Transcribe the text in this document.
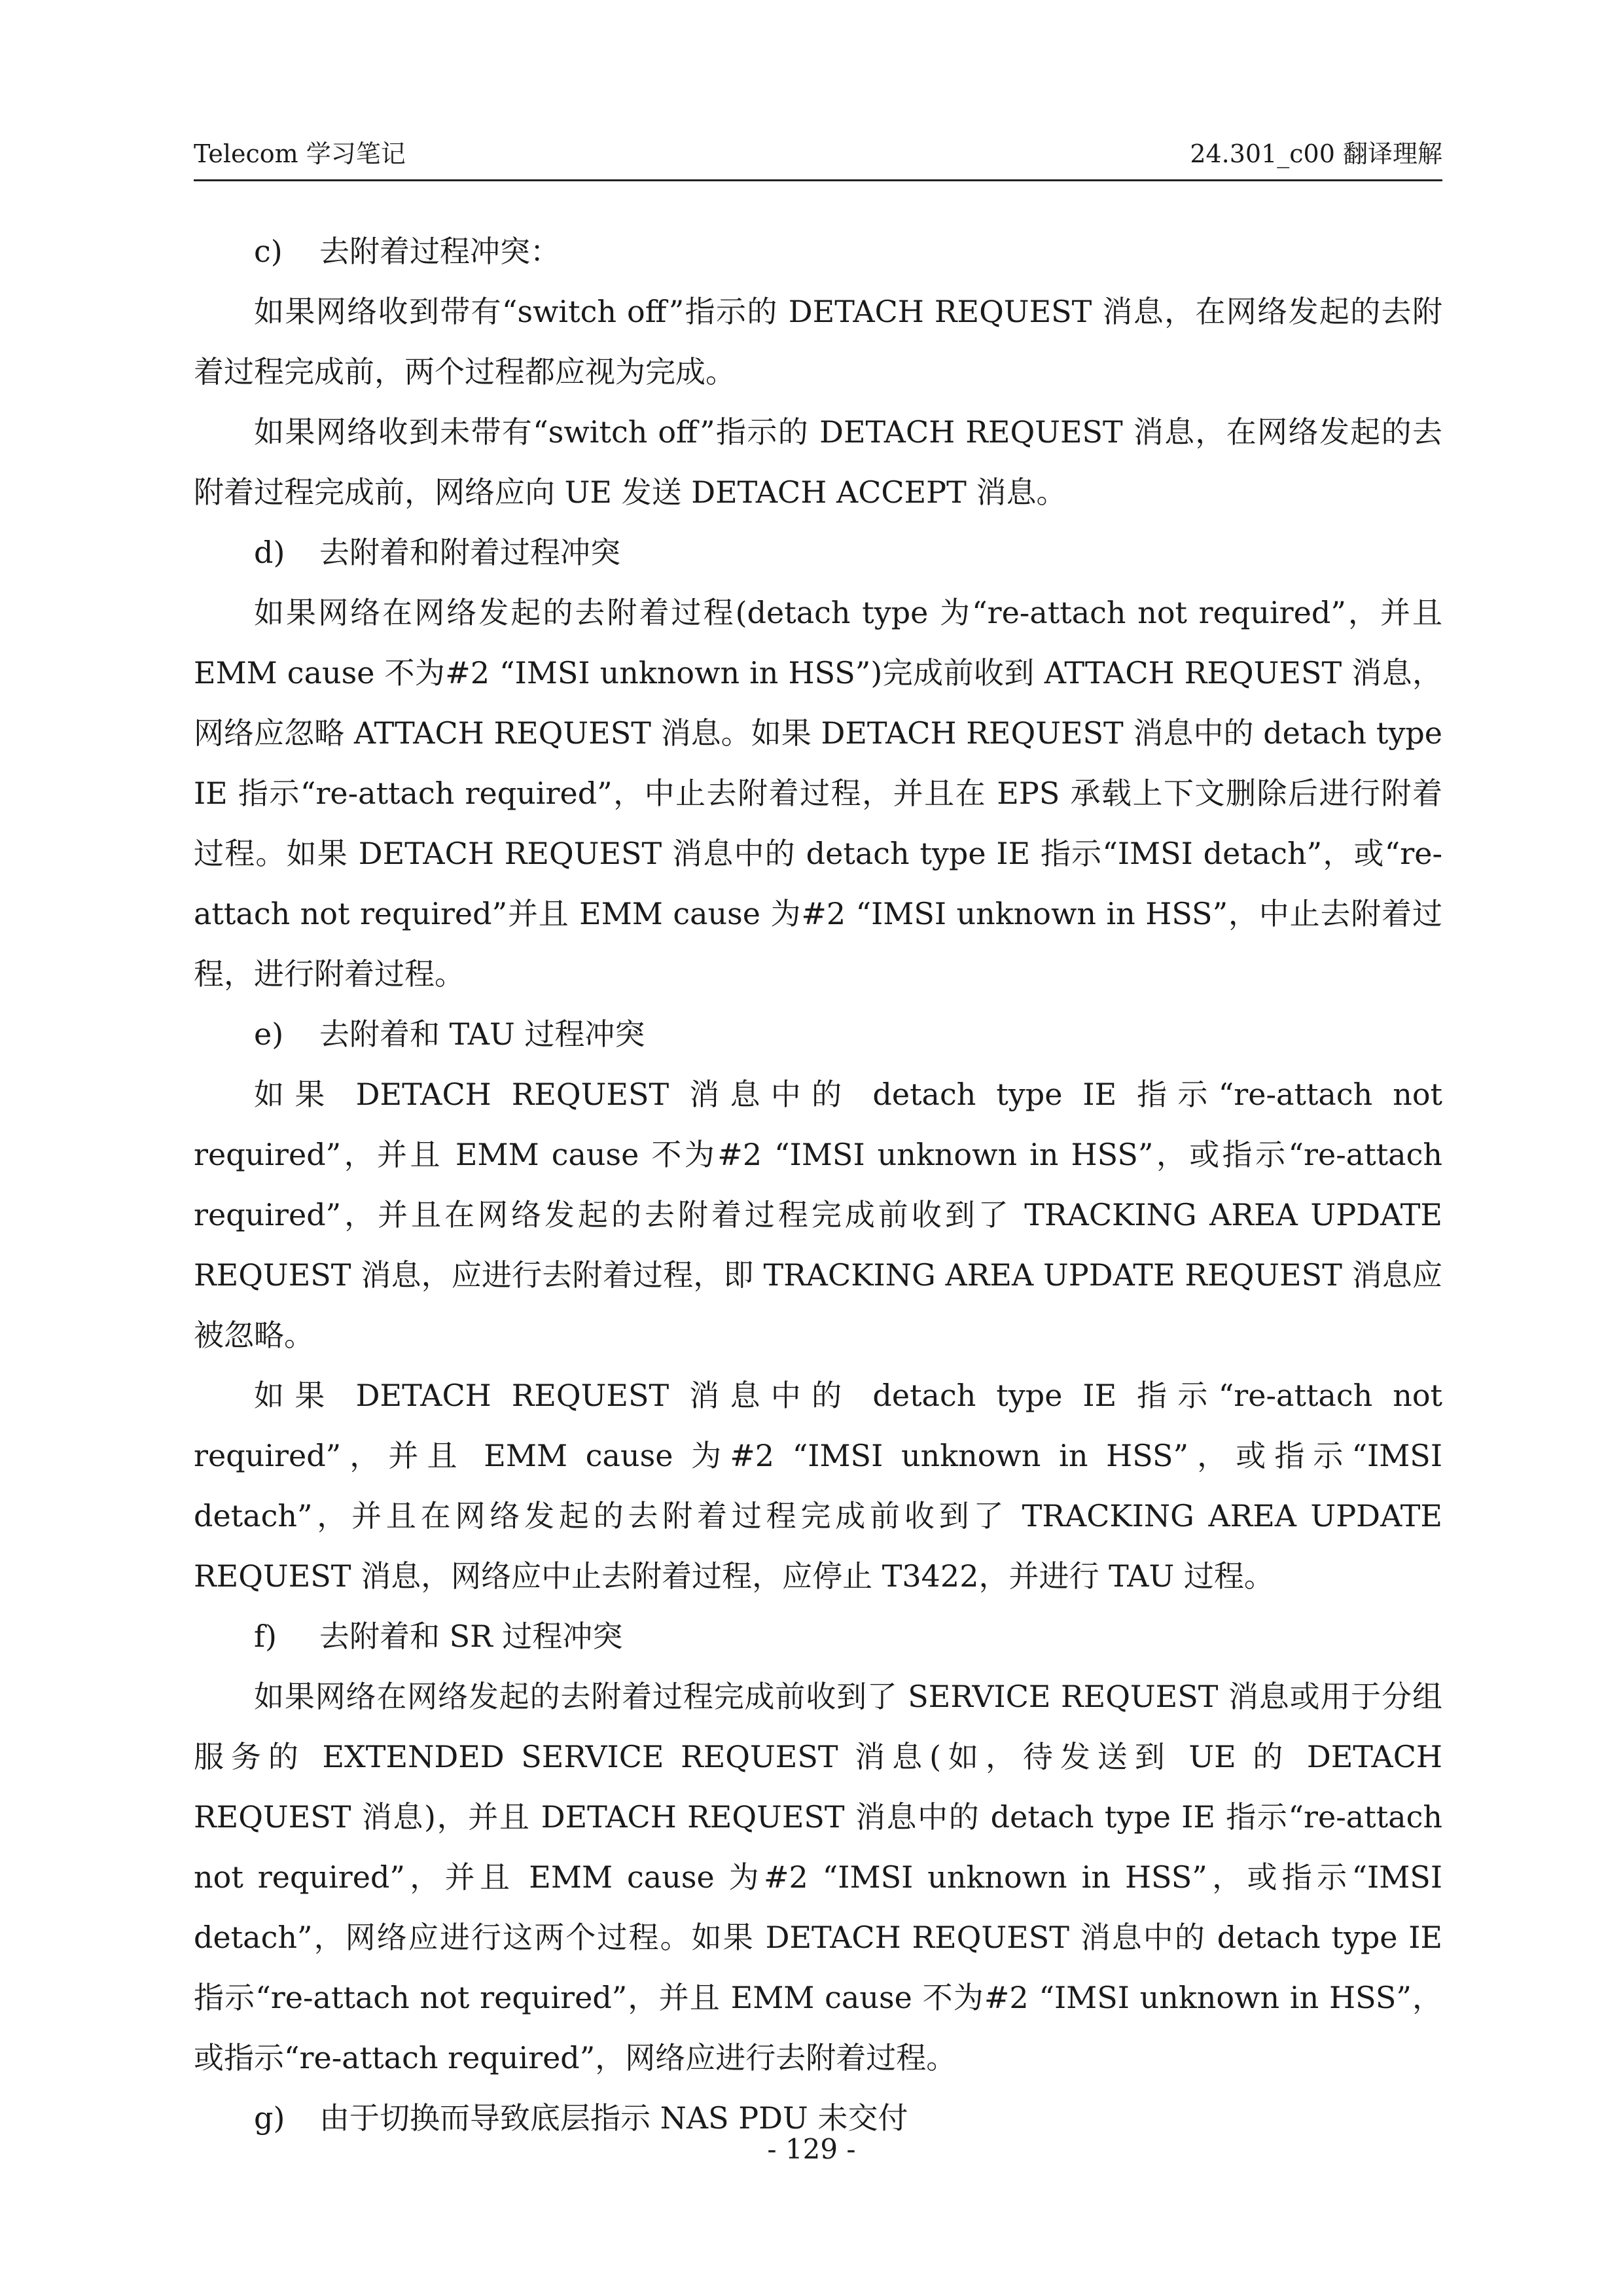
Telecom 学习笔记	24.301_c00 翻译理解

c) 去附着过程冲突：

如果网络收到带有“switch off”指示的 DETACH REQUEST 消息，在网络发起的去附着过程完成前，两个过程都应视为完成。

如果网络收到未带有“switch off”指示的 DETACH REQUEST 消息，在网络发起的去附着过程完成前，网络应向 UE 发送 DETACH ACCEPT 消息。

d) 去附着和附着过程冲突

如果网络在网络发起的去附着过程(detach type 为“re-attach not required”，并且 EMM cause 不为#2 “IMSI unknown in HSS”)完成前收到 ATTACH REQUEST 消息，网络应忽略 ATTACH REQUEST 消息。如果 DETACH REQUEST 消息中的 detach type IE 指示“re-attach required”，中止去附着过程，并且在 EPS 承载上下文删除后进行附着过程。如果 DETACH REQUEST 消息中的 detach type IE 指示“IMSI detach”，或“re-attach not required”并且 EMM cause 为#2 “IMSI unknown in HSS”，中止去附着过程，进行附着过程。

e) 去附着和 TAU 过程冲突

如果 DETACH REQUEST 消息中的 detach type IE 指示“re-attach not required”，并且 EMM cause 不为#2 “IMSI unknown in HSS”，或指示“re-attach required”，并且在网络发起的去附着过程完成前收到了 TRACKING AREA UPDATE REQUEST 消息，应进行去附着过程，即 TRACKING AREA UPDATE REQUEST 消息应被忽略。

如果 DETACH REQUEST 消息中的 detach type IE 指示“re-attach not required”，并且 EMM cause 为#2 “IMSI unknown in HSS”，或指示“IMSI detach”，并且在网络发起的去附着过程完成前收到了 TRACKING AREA UPDATE REQUEST 消息，网络应中止去附着过程，应停止 T3422，并进行 TAU 过程。

f) 去附着和 SR 过程冲突

如果网络在网络发起的去附着过程完成前收到了 SERVICE REQUEST 消息或用于分组服务的 EXTENDED SERVICE REQUEST 消息(如，待发送到 UE 的 DETACH REQUEST 消息)，并且 DETACH REQUEST 消息中的 detach type IE 指示“re-attach not required”，并且 EMM cause 为#2 “IMSI unknown in HSS”，或指示“IMSI detach”，网络应进行这两个过程。如果 DETACH REQUEST 消息中的 detach type IE 指示“re-attach not required”，并且 EMM cause 不为#2 “IMSI unknown in HSS”，或指示“re-attach required”，网络应进行去附着过程。

g) 由于切换而导致底层指示 NAS PDU 未交付

- 129 -
